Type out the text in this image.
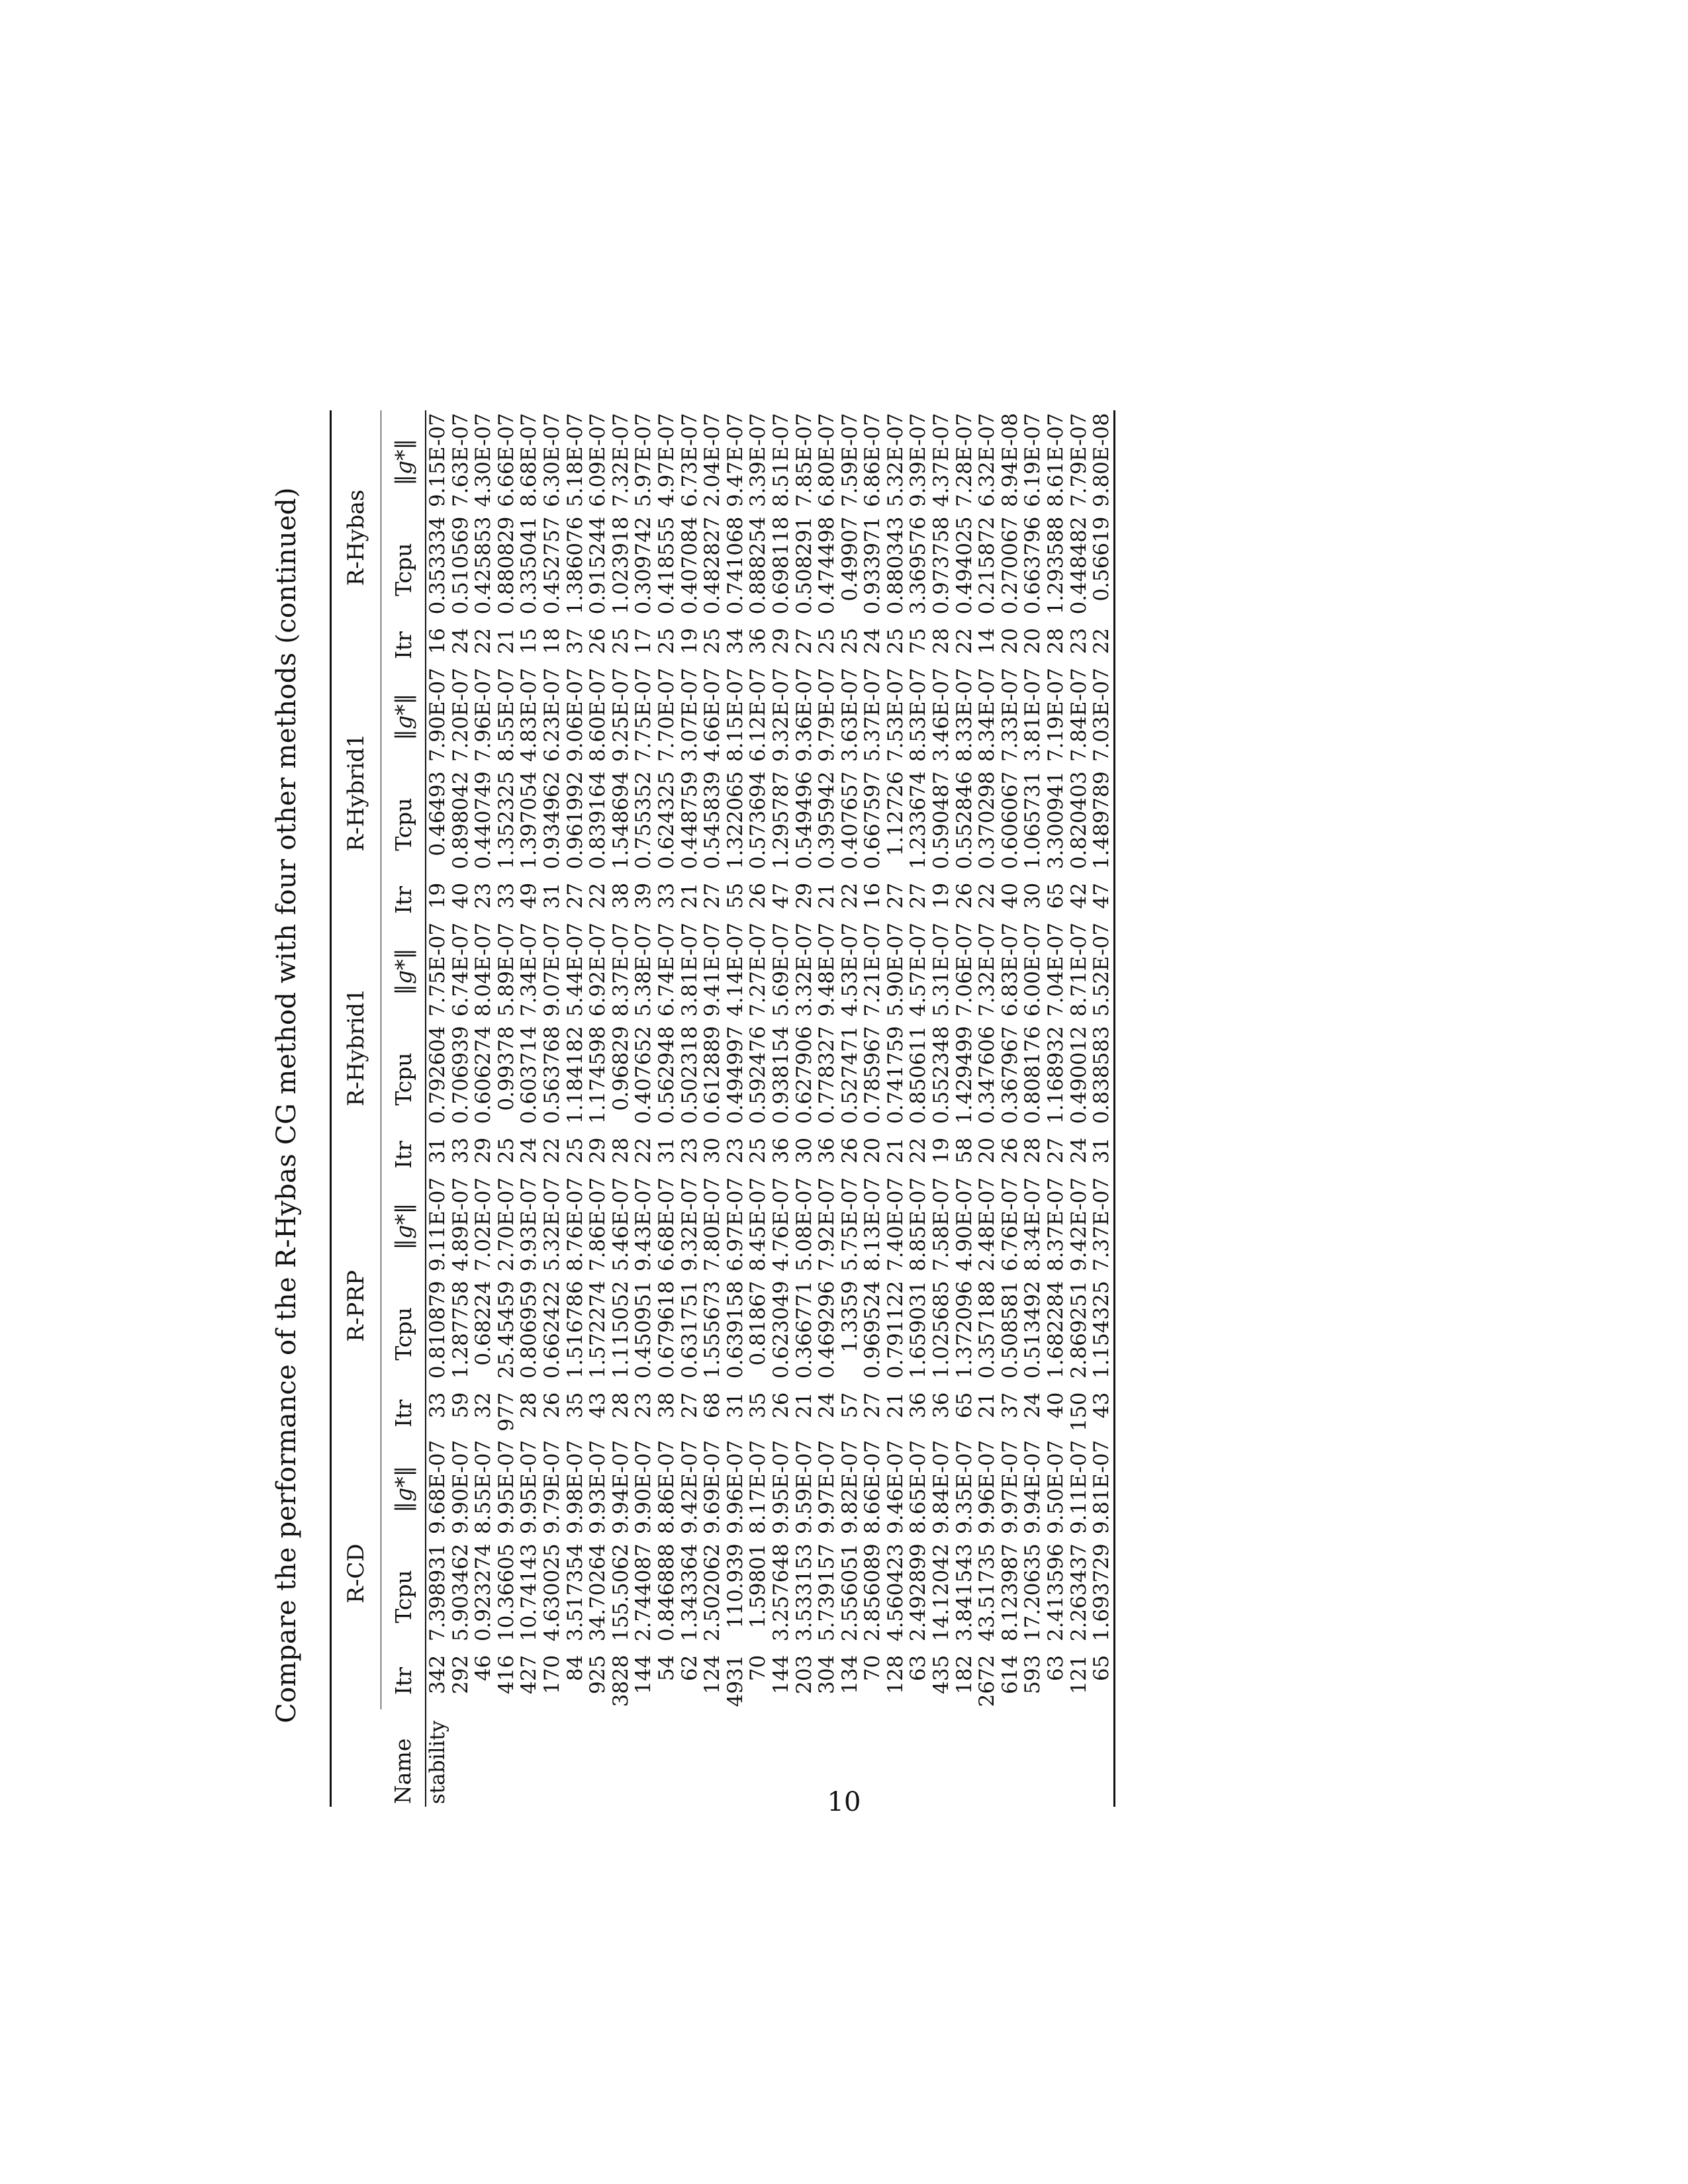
Compare the performance of the R-Hybas CG method with four other methods (continued)
	R-CD			R-PRP			R-Hybrid1			R-Hybrid1			R-Hybas		
Name	Itr	Tcpu	‖g*‖	Itr	Tcpu	‖g*‖	Itr	Tcpu	‖g*‖	Itr	Tcpu	‖g*‖	Itr	Tcpu	‖g*‖
stability	342	7.398931	9.68E-07	33	0.810879	9.11E-07	31	0.792604	7.75E-07	19	0.46493	7.90E-07	16	0.353334	9.15E-07
	292	5.903462	9.90E-07	59	1.287758	4.89E-07	33	0.706939	6.74E-07	40	0.898042	7.20E-07	24	0.510569	7.63E-07
	46	0.923274	8.55E-07	32	0.68224	7.02E-07	29	0.606274	8.04E-07	23	0.440749	7.96E-07	22	0.425853	4.30E-07
	416	10.36605	9.95E-07	977	25.45459	2.70E-07	25	0.99378	5.89E-07	33	1.352325	8.55E-07	21	0.880829	6.66E-07
	427	10.74143	9.95E-07	28	0.806959	9.93E-07	24	0.603714	7.34E-07	49	1.397054	4.83E-07	15	0.335041	8.68E-07
	170	4.630025	9.79E-07	26	0.662422	5.32E-07	22	0.563768	9.07E-07	31	0.934962	6.23E-07	18	0.452757	6.30E-07
	84	3.517354	9.98E-07	35	1.516786	8.76E-07	25	1.184182	5.44E-07	27	0.961992	9.06E-07	37	1.386076	5.18E-07
	925	34.70264	9.93E-07	43	1.572274	7.86E-07	29	1.174598	6.92E-07	22	0.839164	8.60E-07	26	0.915244	6.09E-07
	3828	155.5062	9.94E-07	28	1.115052	5.46E-07	28	0.96829	8.37E-07	38	1.548694	9.25E-07	25	1.023918	7.32E-07
	144	2.744087	9.90E-07	23	0.450951	9.43E-07	22	0.407652	5.38E-07	39	0.755352	7.75E-07	17	0.309742	5.97E-07
	54	0.846888	8.86E-07	38	0.679618	6.68E-07	31	0.562948	6.74E-07	33	0.624325	7.70E-07	25	0.418555	4.97E-07
	62	1.343364	9.42E-07	27	0.631751	9.32E-07	23	0.502318	3.81E-07	21	0.448759	3.07E-07	19	0.407084	6.73E-07
	124	2.502062	9.69E-07	68	1.555673	7.80E-07	30	0.612889	9.41E-07	27	0.545839	4.66E-07	25	0.482827	2.04E-07
	4931	110.939	9.96E-07	31	0.639158	6.97E-07	23	0.494997	4.14E-07	55	1.322065	8.15E-07	34	0.741068	9.47E-07
	70	1.59801	8.17E-07	35	0.81867	8.45E-07	25	0.592476	7.27E-07	26	0.573694	6.12E-07	36	0.888254	3.39E-07
	144	3.257648	9.95E-07	26	0.623049	4.76E-07	36	0.938154	5.69E-07	47	1.295787	9.32E-07	29	0.698118	8.51E-07
	203	3.533153	9.59E-07	21	0.366771	5.08E-07	30	0.627906	3.32E-07	29	0.549496	9.36E-07	27	0.508291	7.85E-07
	304	5.739157	9.97E-07	24	0.469296	7.92E-07	36	0.778327	9.48E-07	21	0.395942	9.79E-07	25	0.474498	6.80E-07
	134	2.556051	9.82E-07	57	1.3359	5.75E-07	26	0.527471	4.53E-07	22	0.407657	3.63E-07	25	0.49907	7.59E-07
	70	2.856089	8.66E-07	27	0.969524	8.13E-07	20	0.785967	7.21E-07	16	0.667597	5.37E-07	24	0.933971	6.86E-07
	128	4.560423	9.46E-07	21	0.791122	7.40E-07	21	0.741759	5.90E-07	27	1.12726	7.53E-07	25	0.880343	5.32E-07
	63	2.492899	8.65E-07	36	1.659031	8.85E-07	22	0.850611	4.57E-07	27	1.233674	8.53E-07	75	3.369576	9.39E-07
	435	14.12042	9.84E-07	36	1.025685	7.58E-07	19	0.552348	5.31E-07	19	0.590487	3.46E-07	28	0.973758	4.37E-07
	182	3.841543	9.35E-07	65	1.372096	4.90E-07	58	1.429499	7.06E-07	26	0.552846	8.33E-07	22	0.494025	7.28E-07
	2672	43.51735	9.96E-07	21	0.357188	2.48E-07	20	0.347606	7.32E-07	22	0.370298	8.34E-07	14	0.215872	6.32E-07
	614	8.123987	9.97E-07	37	0.508581	6.76E-07	26	0.367967	6.83E-07	40	0.606067	7.33E-07	20	0.270067	8.94E-08
	593	17.20635	9.94E-07	24	0.513492	8.34E-07	28	0.808176	6.00E-07	30	1.065731	3.81E-07	20	0.663796	6.19E-07
	63	2.413596	9.50E-07	40	1.682284	8.37E-07	27	1.168932	7.04E-07	65	3.300941	7.19E-07	28	1.293588	8.61E-07
	121	2.263437	9.11E-07	150	2.869251	9.42E-07	24	0.490012	8.71E-07	42	0.820403	7.84E-07	23	0.448482	7.79E-07
	65	1.693729	9.81E-07	43	1.154325	7.37E-07	31	0.838583	5.52E-07	47	1.489789	7.03E-07	22	0.56619	9.80E-08
10
